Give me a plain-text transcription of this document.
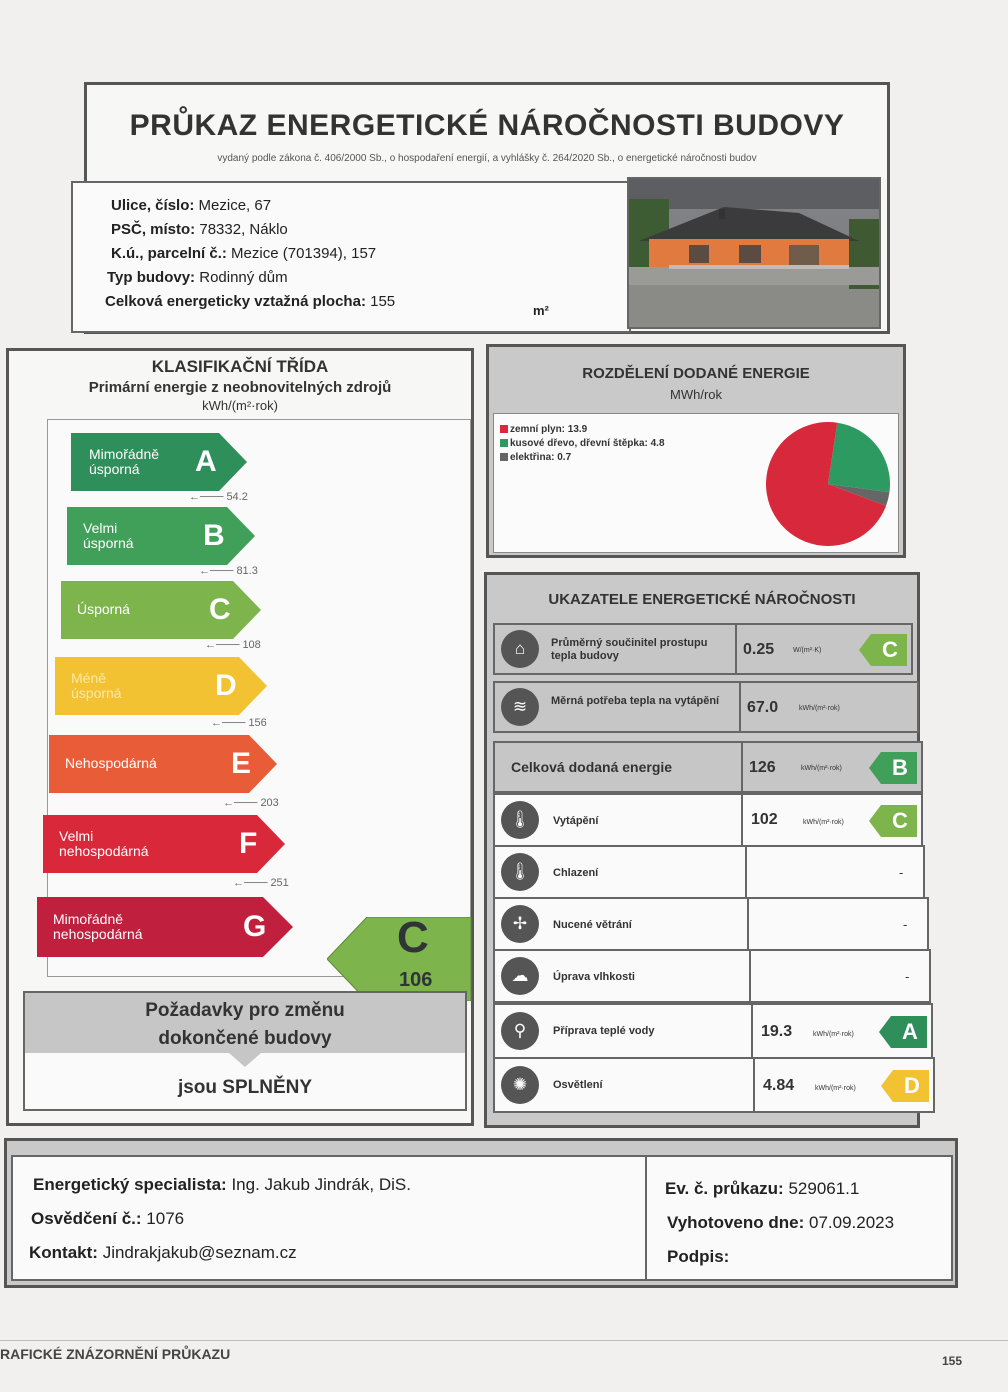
PRŮKAZ ENERGETICKÉ NÁROČNOSTI BUDOVY
vydaný podle zákona č. 406/2000 Sb., o hospodaření energií, a vyhlášky č. 264/2020 Sb., o energetické náročnosti budov
Ulice, číslo: Mezice, 67
PSČ, místo: 78332, Náklo
K.ú., parcelní č.: Mezice (701394), 157
Typ budovy: Rodinný dům
Celková energeticky vztažná plocha: 155
m²
KLASIFIKAČNÍ TŘÍDA
Primární energie z neobnovitelných zdrojů
kWh/(m²·rok)
Mimořádně úsporná	A
←─── 54.2
Velmi úsporná B
←─── 81.3
Úsporná	C
←─── 108
Méně úsporná	D
←─── 156
Nehospodárná E
←─── 203
Velmi nehospodárná	F
←─── 251
Mimořádně nehospodárná	G	C
106
Požadavky pro změnu
dokončené budovy
jsou SPLNĚNY
ROZDĚLENÍ DODANÉ ENERGIE
MWh/rok
zemní plyn: 13.9
kusové dřevo, dřevní štěpka: 4.8
elektřina: 0.7
UKAZATELE ENERGETICKÉ NÁROČNOSTI
⌂	Průměrný součinitel prostupu tepla budovy	0.25	W/(m²·K)	C
≋	Měrná potřeba tepla na vytápění 67.0	kWh/(m²·rok)
Celková dodaná energie	126	kWh/(m²·rok) B
🌡	Vytápění	102	kWh/(m²·rok) C
🌡	Chlazení	-
✢	Nucené větrání	-
☁	Úprava vlhkosti	-
⚲	Příprava teplé vody	19.3	kWh/(m²·rok) A
✺	Osvětlení	4.84	kWh/(m²·rok) D
Energetický specialista: Ing. Jakub Jindrák, DiS.
Osvědčení č.: 1076
Kontakt: Jindrakjakub@seznam.cz
Ev. č. průkazu: 529061.1
Vyhotoveno dne: 07.09.2023
Podpis:
RAFICKÉ ZNÁZORNĚNÍ PRŮKAZU	155
